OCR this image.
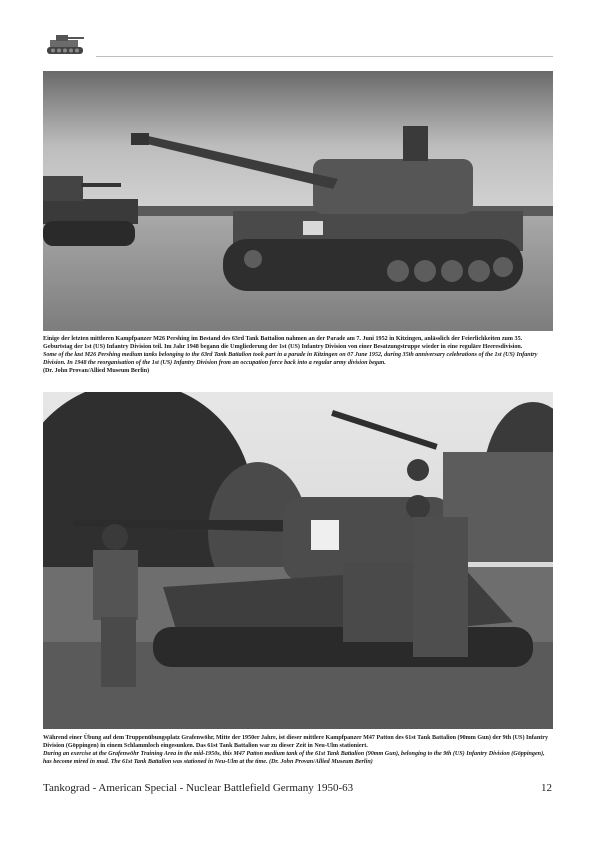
Einige der letzten mittleren Kampfpanzer M26 Pershing im Bestand des 63rd Tank Battalion nahmen an der Parade am 7. Juni 1952 in Kitzingen, anlässlich der Feierlichkeiten zum 35. Geburtstag der 1st (US) Infantry Division teil. Im Jahr 1948 begann die Umgliederung der 1st (US) Infantry Division von einer Besatzungstruppe wieder in eine reguläre Heeresdivision.

Some of the last M26 Pershing medium tanks belonging to the 63rd Tank Battalion took part in a parade in Kitzingen on 07 June 1952, during 35th anniversary celebrations of the 1st (US) Infantry Division. In 1948 the reorganisation of the 1st (US) Infantry Division from an occupation force back into a regular army division began.

(Dr. John Provan/Allied Museum Berlin)

Während einer Übung auf dem Truppenübungsplatz Grafenwöhr, Mitte der 1950er Jahre, ist dieser mittlere Kampfpanzer M47 Patton des 61st Tank Battalion (90mm Gun) der 9th (US) Infantry Division (Göppingen) in einem Schlammloch eingesunken. Das 61st Tank Battalion war zu dieser Zeit in Neu-Ulm stationiert.

During an exercise at the Grafenwöhr Training Area in the mid-1950s, this M47 Patton medium tank of the 61st Tank Battalion (90mm Gun), belonging to the 9th (US) Infantry Division (Göppingen), has become mired in mud. The 61st Tank Battalion was stationed in Neu-Ulm at the time. (Dr. John Provan/Allied Museum Berlin)

Tankograd - American Special - Nuclear Battlefield Germany 1950-63	12
